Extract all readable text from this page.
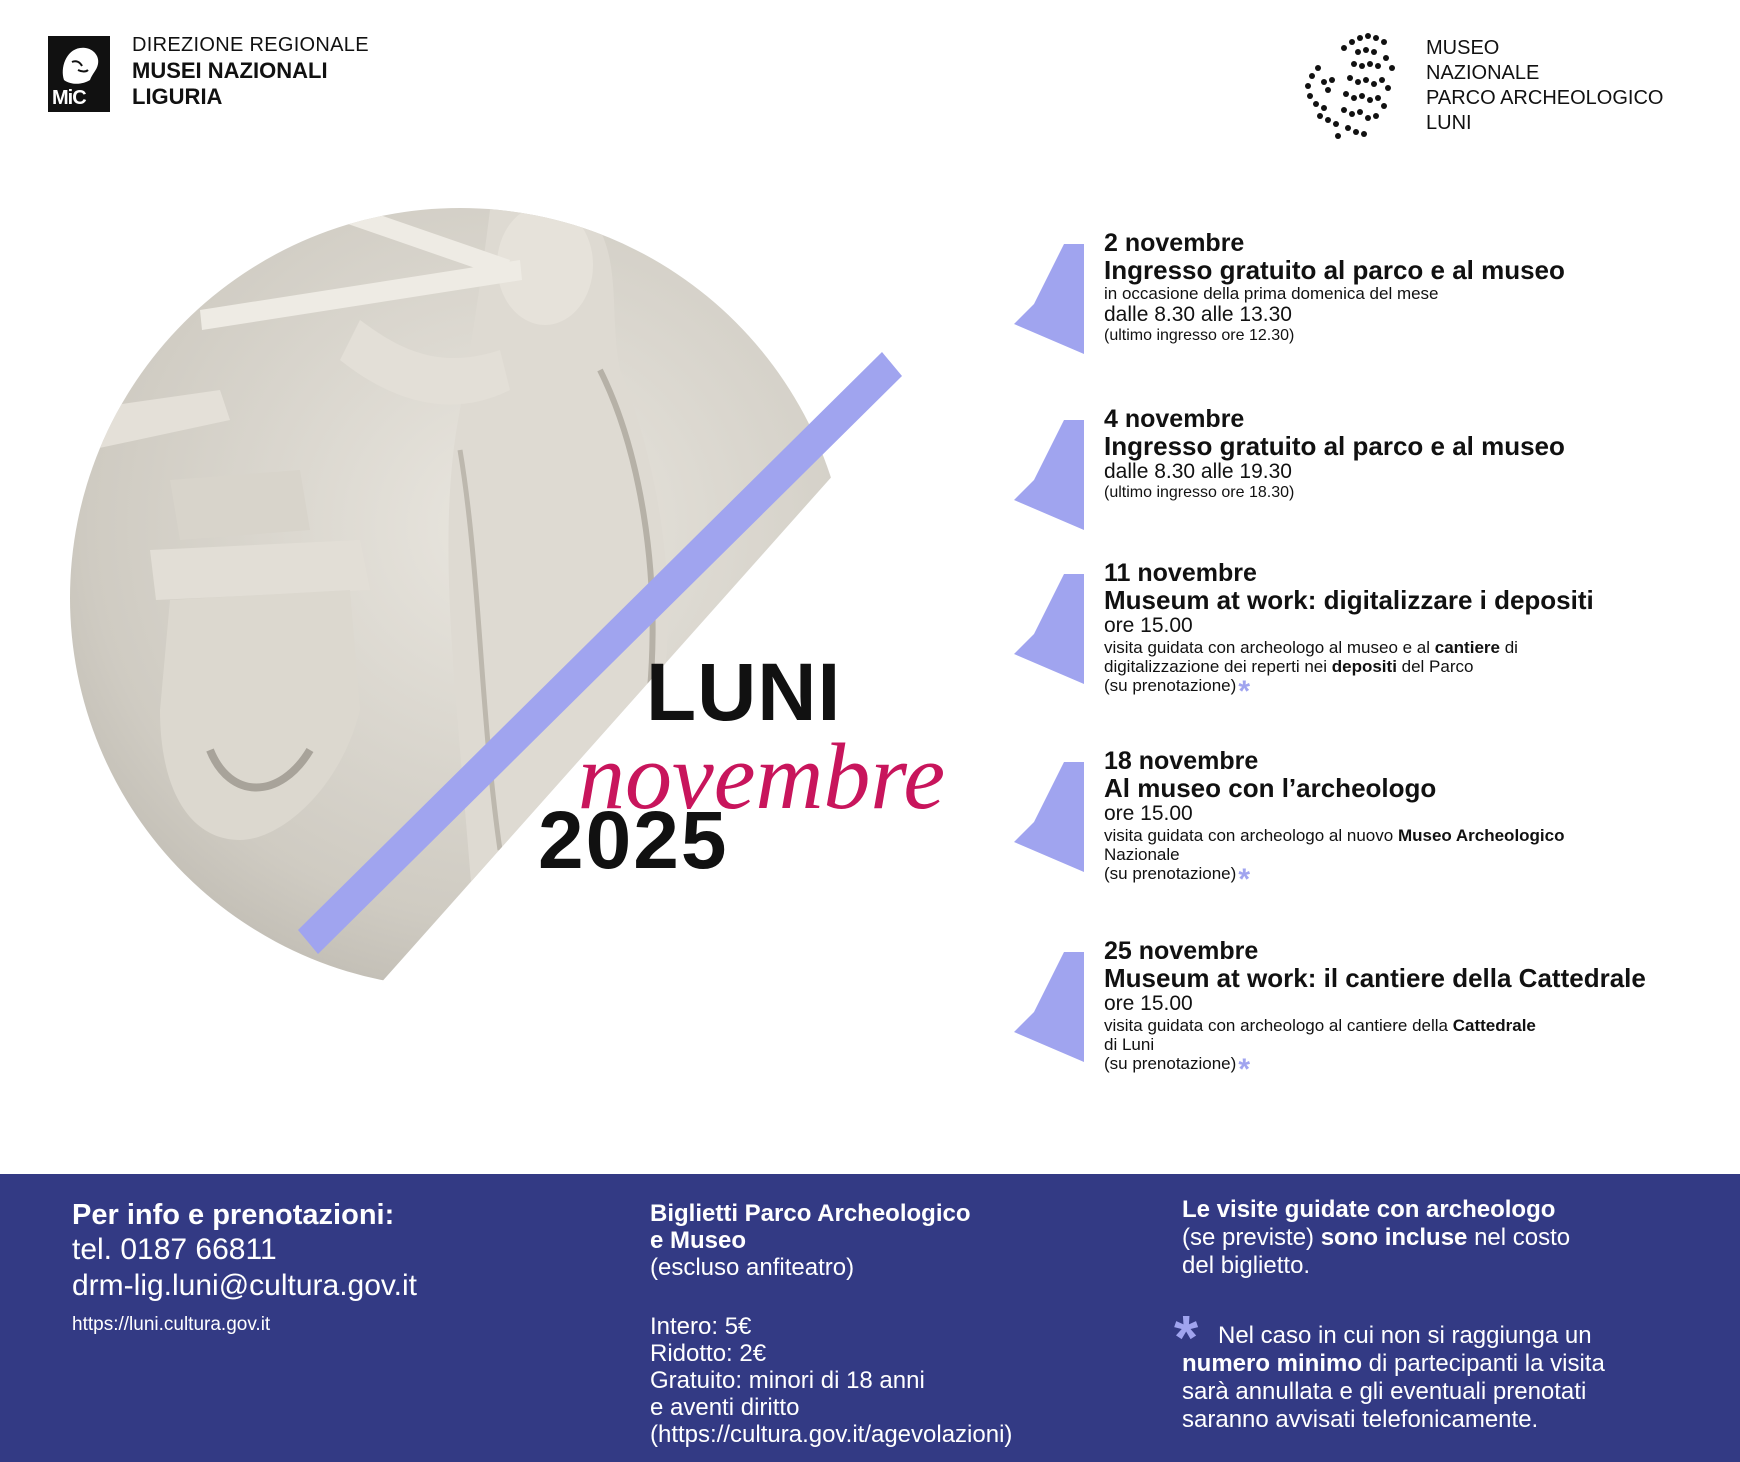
MiC
DIREZIONE REGIONALE
MUSEI NAZIONALI
LIGURIA
MUSEO
NAZIONALE
PARCO ARCHEOLOGICO
LUNI
LUNI
novembre
2025
2 novembre
Ingresso gratuito al parco e al museo
in occasione della prima domenica del mese
dalle 8.30 alle 13.30
(ultimo ingresso ore 12.30)
4 novembre
Ingresso gratuito al parco e al museo
dalle 8.30 alle 19.30
(ultimo ingresso ore 18.30)
11 novembre
Museum at work: digitalizzare i depositi
ore 15.00
visita guidata con archeologo al museo e al cantiere di
digitalizzazione dei reperti nei depositi del Parco
(su prenotazione)*
18 novembre
Al museo con l’archeologo
ore 15.00
visita guidata con archeologo al nuovo Museo Archeologico
Nazionale
(su prenotazione)*
25 novembre
Museum at work: il cantiere della Cattedrale
ore 15.00
visita guidata con archeologo al cantiere della Cattedrale
di Luni
(su prenotazione)*
Per info e prenotazioni:
tel. 0187 66811
drm-lig.luni@cultura.gov.it
https://luni.cultura.gov.it
Biglietti Parco Archeologico
e Museo
(escluso anfiteatro)
Intero: 5€
Ridotto: 2€
Gratuito: minori di 18 anni
e aventi diritto
(https://cultura.gov.it/agevolazioni)

Le visite guidate con archeologo

(se previste) sono incluse nel costo

del biglietto.

* Nel caso in cui non si raggiunga un

numero minimo di partecipanti la visita

sarà annullata e gli eventuali prenotati

saranno avvisati telefonicamente.
